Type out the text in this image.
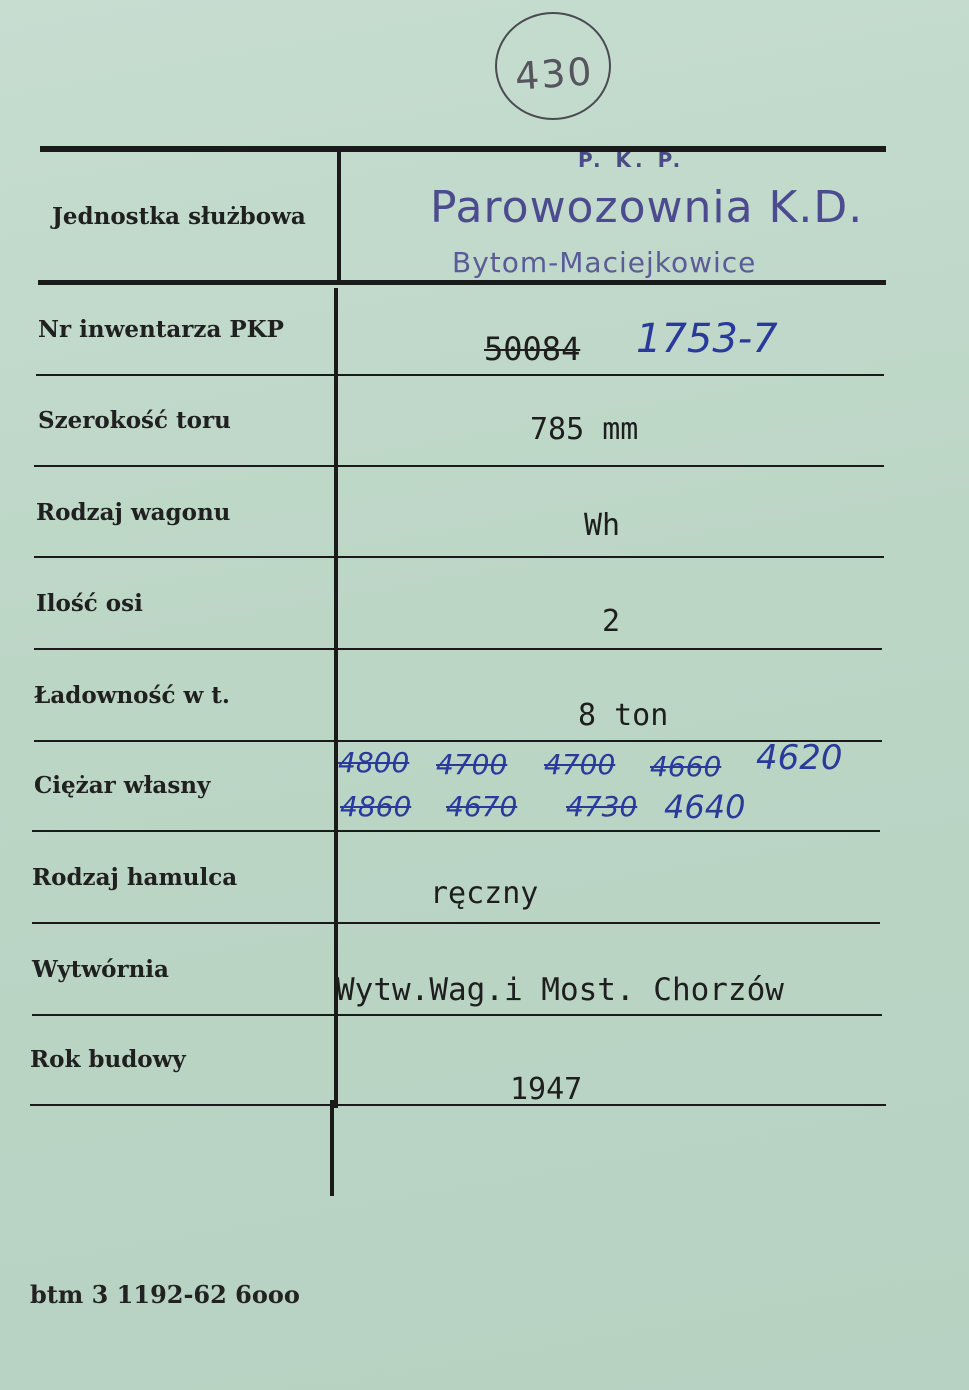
430
Jednostka służbowa
Nr inwentarza PKP
Szerokość toru
Rodzaj wagonu
Ilość osi
Ładowność w t.
Ciężar własny
Rodzaj hamulca
Wytwórnia
Rok budowy
P. K. P.
Parowozownia K.D.
Bytom-Maciejkowice
50084 1753-7
785 mm
Wh
2
8 ton
4800 4700 4700 4660 4620
4860 4670 4730 4640
ręczny
Wytw.Wag.i Most. Chorzów
1947
btm 3 1192-62 6ooo
